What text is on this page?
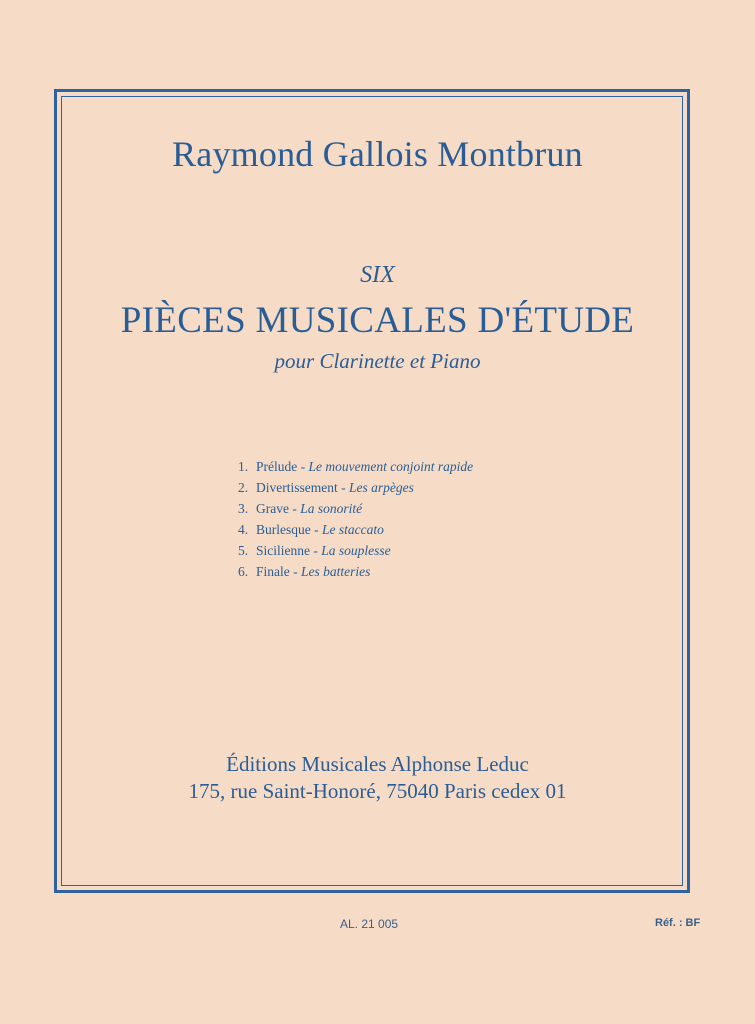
Raymond Gallois Montbrun
SIX
PIÈCES MUSICALES D'ÉTUDE
pour Clarinette et Piano
1. Prélude - Le mouvement conjoint rapide
2. Divertissement - Les arpèges
3. Grave - La sonorité
4. Burlesque - Le staccato
5. Sicilienne - La souplesse
6. Finale - Les batteries
Éditions Musicales Alphonse Leduc
175, rue Saint-Honoré, 75040 Paris cedex 01
AL. 21 005	Réf. : BF
